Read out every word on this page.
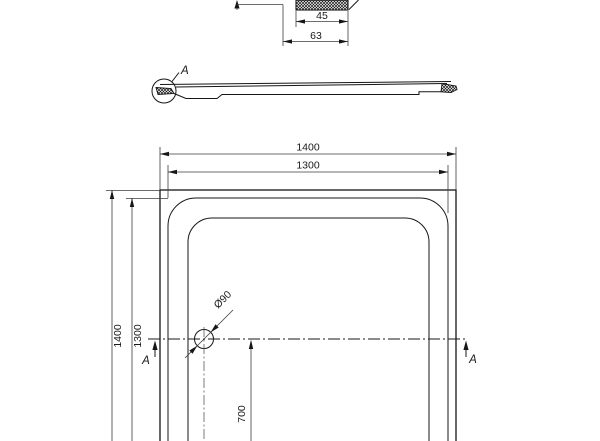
45
63
A
1400
1300
1400 1300
A	A
Ø90
700
